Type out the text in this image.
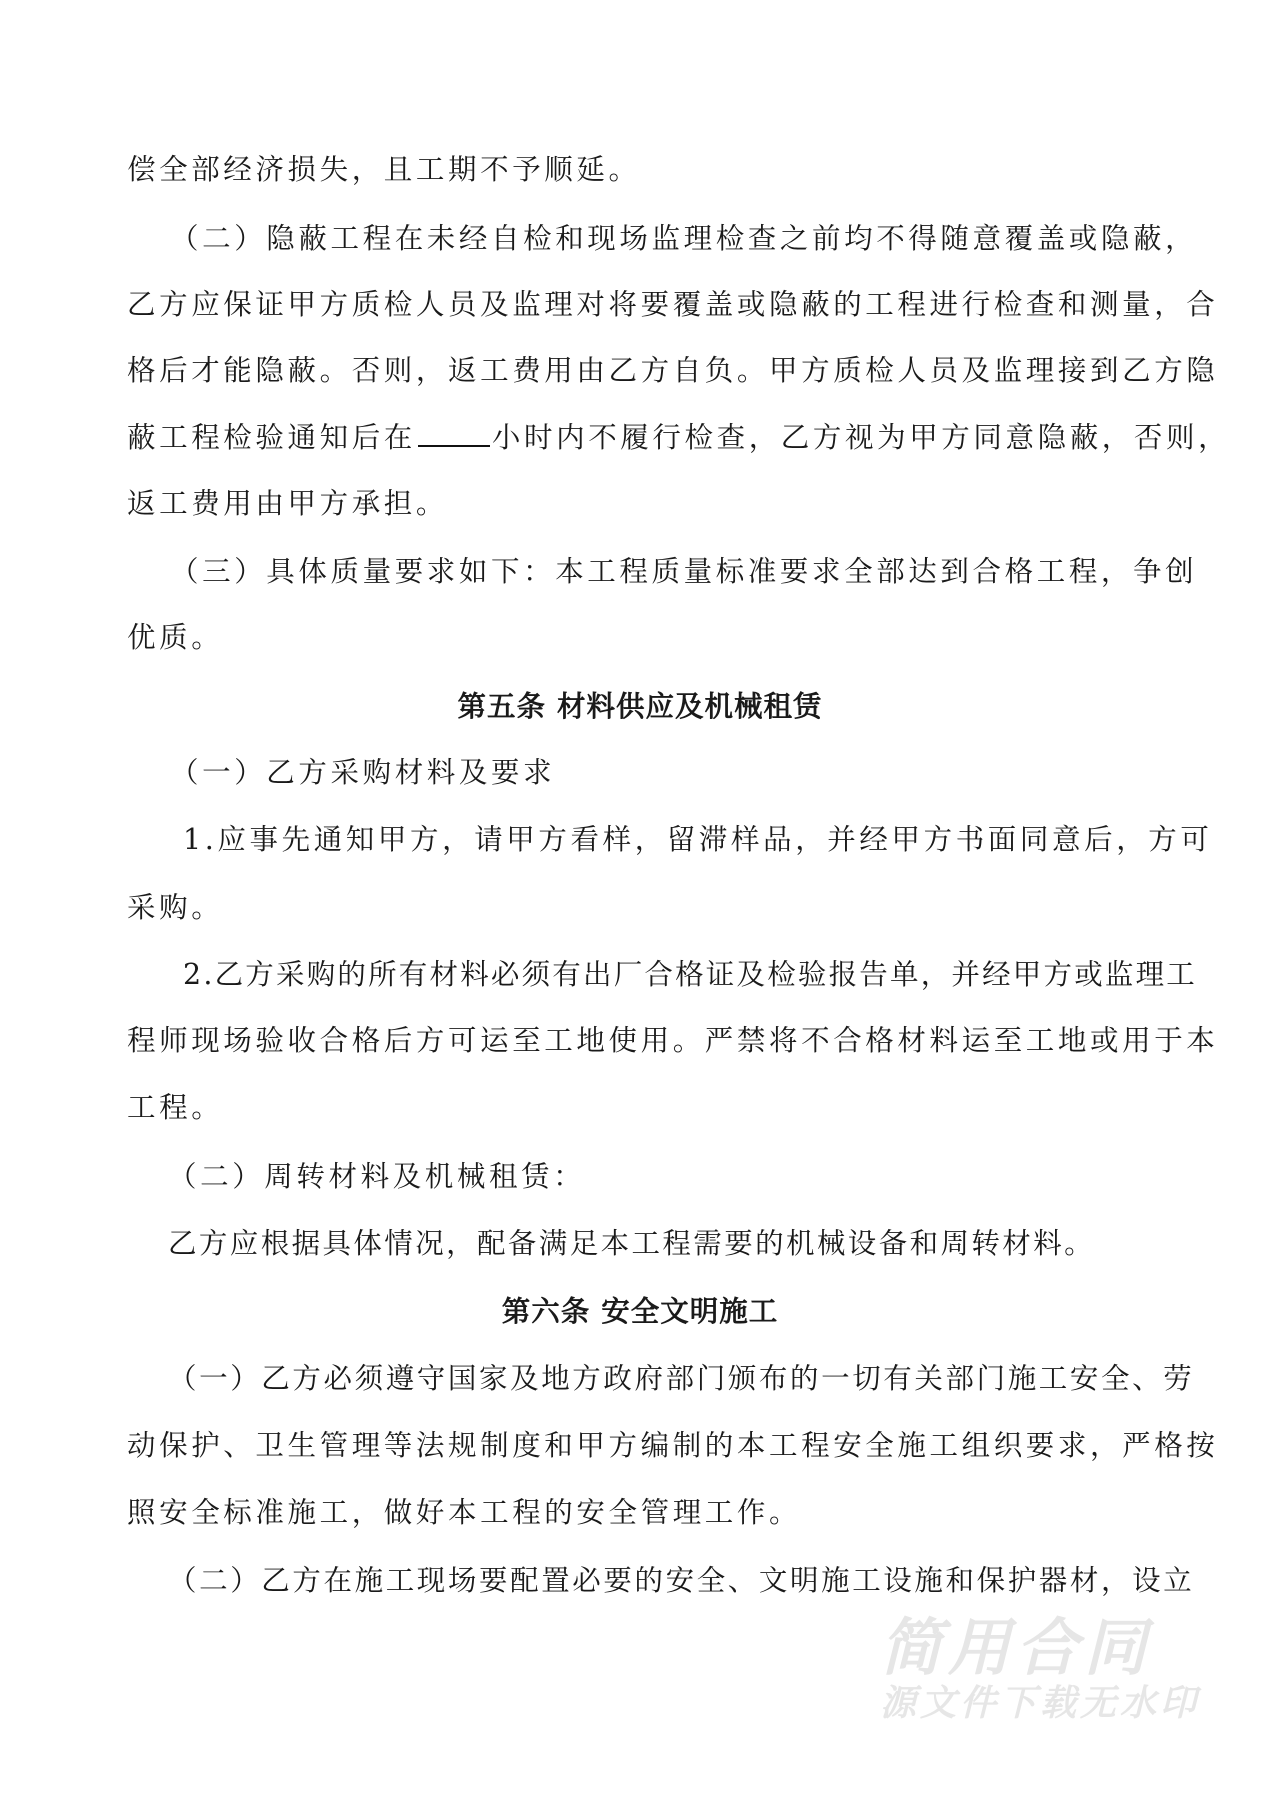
偿全部经济损失，且工期不予顺延。
（二）隐蔽工程在未经自检和现场监理检查之前均不得随意覆盖或隐蔽，
乙方应保证甲方质检人员及监理对将要覆盖或隐蔽的工程进行检查和测量，合
格后才能隐蔽。否则，返工费用由乙方自负。甲方质检人员及监理接到乙方隐
蔽工程检验通知后在	小时内不履行检查，乙方视为甲方同意隐蔽，否则，
返工费用由甲方承担。
（三）具体质量要求如下：本工程质量标准要求全部达到合格工程，争创
优质。
第五条 材料供应及机械租赁
（一）乙方采购材料及要求
1.应事先通知甲方，请甲方看样，留滞样品，并经甲方书面同意后，方可
采购。
2.乙方采购的所有材料必须有出厂合格证及检验报告单，并经甲方或监理工
程师现场验收合格后方可运至工地使用。严禁将不合格材料运至工地或用于本
工程。
（二）周转材料及机械租赁：
乙方应根据具体情况，配备满足本工程需要的机械设备和周转材料。
第六条 安全文明施工
（一）乙方必须遵守国家及地方政府部门颁布的一切有关部门施工安全、劳
动保护、卫生管理等法规制度和甲方编制的本工程安全施工组织要求，严格按
照安全标准施工，做好本工程的安全管理工作。
（二）乙方在施工现场要配置必要的安全、文明施工设施和保护器材，设立
简用合同
源文件下载无水印
